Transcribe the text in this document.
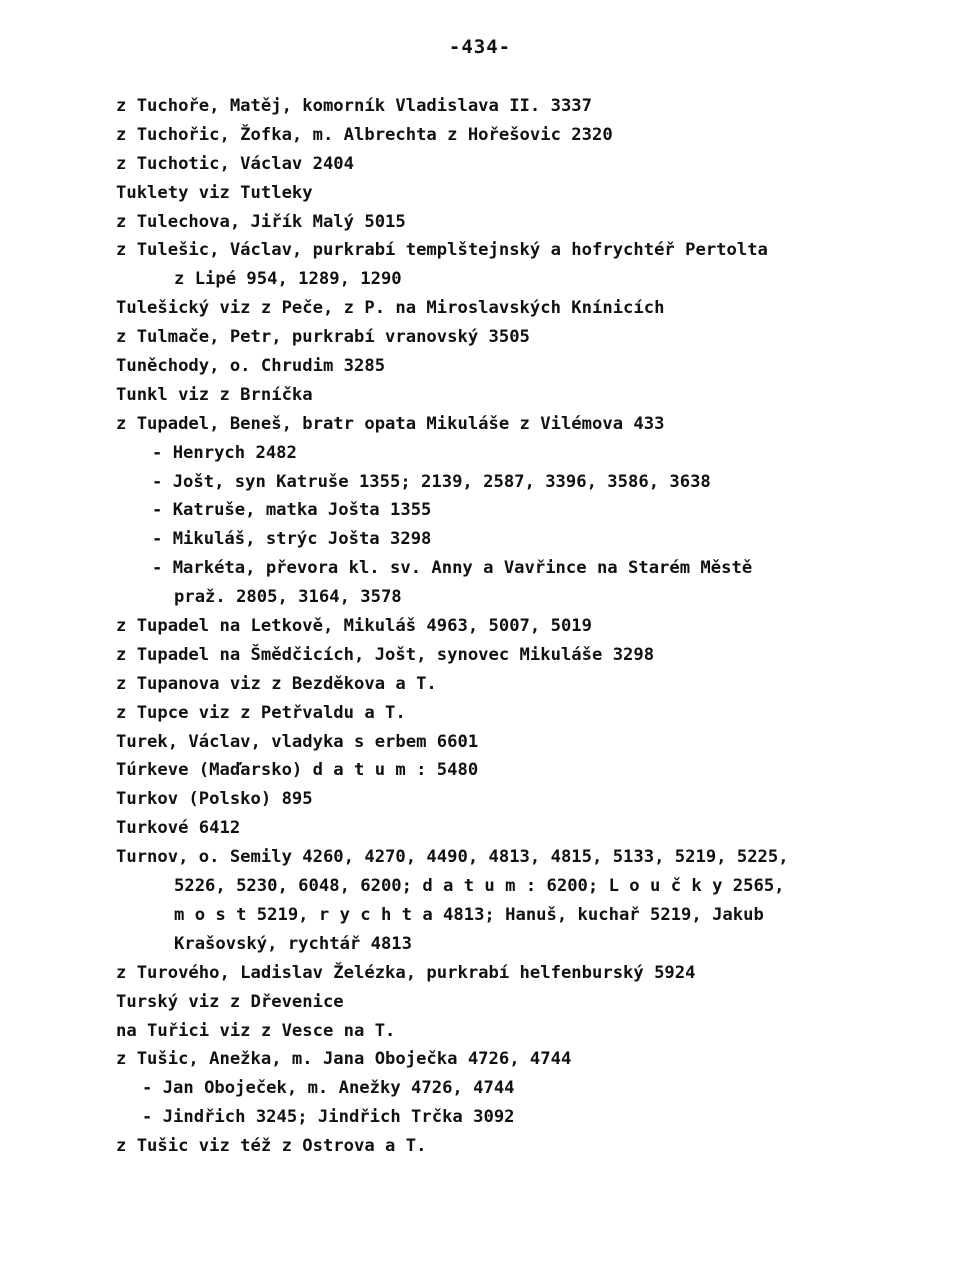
-434-
z Tuchoře, Matěj, komorník Vladislava II. 3337
z Tuchořic, Žofka, m. Albrechta z Hořešovic 2320
z Tuchotic, Václav 2404
Tuklety viz Tutleky
z Tulechova, Jiřík Malý 5015
z Tulešic, Václav, purkrabí templštejnský a hofrychtéř Pertolta
z Lipé 954, 1289, 1290
Tulešický viz z Peče, z P. na Miroslavských Knínicích
z Tulmače, Petr, purkrabí vranovský 3505
Tuněchody, o. Chrudim 3285
Tunkl viz z Brníčka
z Tupadel, Beneš, bratr opata Mikuláše z Vilémova 433
- Henrych 2482
- Jošt, syn Katruše 1355; 2139, 2587, 3396, 3586, 3638
- Katruše, matka Jošta 1355
- Mikuláš, strýc Jošta 3298
- Markéta, převora kl. sv. Anny a Vavřince na Starém Městě
praž. 2805, 3164, 3578
z Tupadel na Letkově, Mikuláš 4963, 5007, 5019
z Tupadel na Šmědčicích, Jošt, synovec Mikuláše 3298
z Tupanova viz z Bezděkova a T.
z Tupce viz z Petřvaldu a T.
Turek, Václav, vladyka s erbem 6601
Túrkeve (Maďarsko) d a t u m : 5480
Turkov (Polsko) 895
Turkové 6412
Turnov, o. Semily 4260, 4270, 4490, 4813, 4815, 5133, 5219, 5225,
5226, 5230, 6048, 6200; d a t u m : 6200; L o u č k y 2565,
m o s t 5219, r y c h t a 4813; Hanuš, kuchař 5219, Jakub
Krašovský, rychtář 4813
z Turového, Ladislav Želézka, purkrabí helfenburský 5924
Turský viz z Dřevenice
na Tuřici viz z Vesce na T.
z Tušic, Anežka, m. Jana Oboječka 4726, 4744
- Jan Oboječek, m. Anežky 4726, 4744
- Jindřich 3245; Jindřich Trčka 3092
z Tušic viz též z Ostrova a T.
